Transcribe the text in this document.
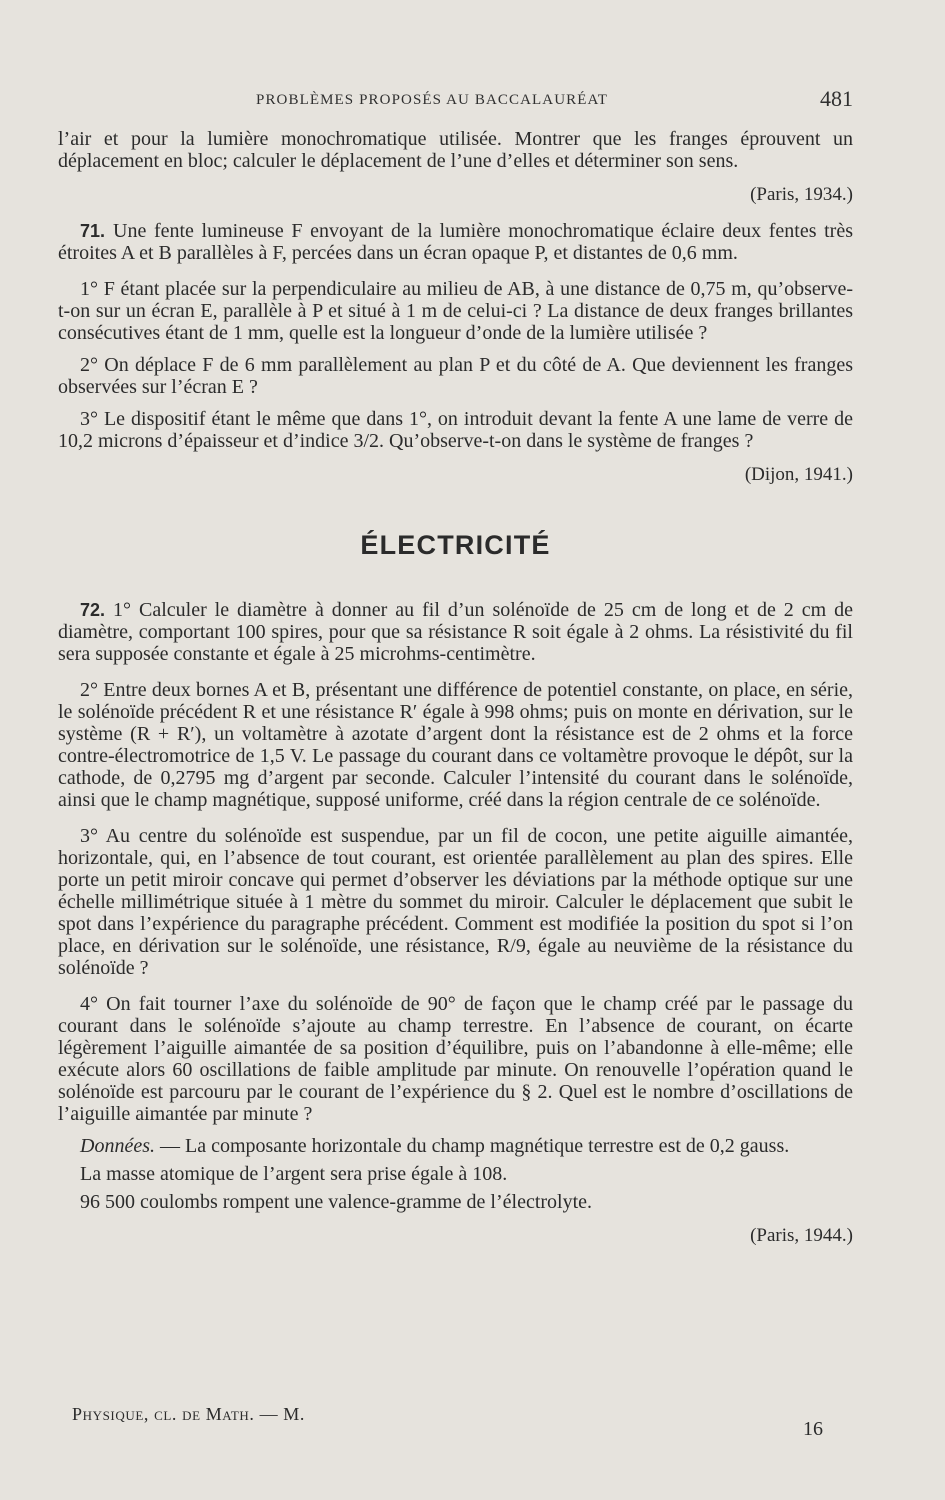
PROBLÈMES PROPOSÉS AU BACCALAURÉAT	481

l’air et pour la lumière monochromatique utilisée. Montrer que les franges éprouvent un déplacement en bloc; calculer le déplacement de l’une d’elles et déterminer son sens.

(Paris, 1934.)

71. Une fente lumineuse F envoyant de la lumière monochromatique éclaire deux fentes très étroites A et B parallèles à F, percées dans un écran opaque P, et distantes de 0,6 mm.

1° F étant placée sur la perpendiculaire au milieu de AB, à une distance de 0,75 m, qu’observe-t-on sur un écran E, parallèle à P et situé à 1 m de celui-ci ? La distance de deux franges brillantes consécutives étant de 1 mm, quelle est la longueur d’onde de la lumière utilisée ?

2° On déplace F de 6 mm parallèlement au plan P et du côté de A. Que deviennent les franges observées sur l’écran E ?

3° Le dispositif étant le même que dans 1°, on introduit devant la fente A une lame de verre de 10,2 microns d’épaisseur et d’indice 3/2. Qu’observe-t-on dans le système de franges ?

(Dijon, 1941.)

ÉLECTRICITÉ

72. 1° Calculer le diamètre à donner au fil d’un solénoïde de 25 cm de long et de 2 cm de diamètre, comportant 100 spires, pour que sa résistance R soit égale à 2 ohms. La résistivité du fil sera supposée constante et égale à 25 microhms-centimètre.

2° Entre deux bornes A et B, présentant une différence de potentiel constante, on place, en série, le solénoïde précédent R et une résistance R′ égale à 998 ohms; puis on monte en dérivation, sur le système (R + R′), un voltamètre à azotate d’argent dont la résistance est de 2 ohms et la force contre-électromotrice de 1,5 V. Le passage du courant dans ce voltamètre provoque le dépôt, sur la cathode, de 0,2795 mg d’argent par seconde. Calculer l’intensité du courant dans le solénoïde, ainsi que le champ magnétique, supposé uniforme, créé dans la région centrale de ce solénoïde.

3° Au centre du solénoïde est suspendue, par un fil de cocon, une petite aiguille aimantée, horizontale, qui, en l’absence de tout courant, est orientée parallèlement au plan des spires. Elle porte un petit miroir concave qui permet d’observer les déviations par la méthode optique sur une échelle millimétrique située à 1 mètre du sommet du miroir. Calculer le déplacement que subit le spot dans l’expérience du paragraphe précédent. Comment est modifiée la position du spot si l’on place, en dérivation sur le solénoïde, une résistance, R/9, égale au neuvième de la résistance du solénoïde ?

4° On fait tourner l’axe du solénoïde de 90° de façon que le champ créé par le passage du courant dans le solénoïde s’ajoute au champ terrestre. En l’absence de courant, on écarte légèrement l’aiguille aimantée de sa position d’équilibre, puis on l’abandonne à elle-même; elle exécute alors 60 oscillations de faible amplitude par minute. On renouvelle l’opération quand le solénoïde est parcouru par le courant de l’expérience du § 2. Quel est le nombre d’oscillations de l’aiguille aimantée par minute ?

Données. — La composante horizontale du champ magnétique terrestre est de 0,2 gauss.

La masse atomique de l’argent sera prise égale à 108.

96 500 coulombs rompent une valence-gramme de l’électrolyte.

(Paris, 1944.)

Physique, cl. de Math. — M.
16
